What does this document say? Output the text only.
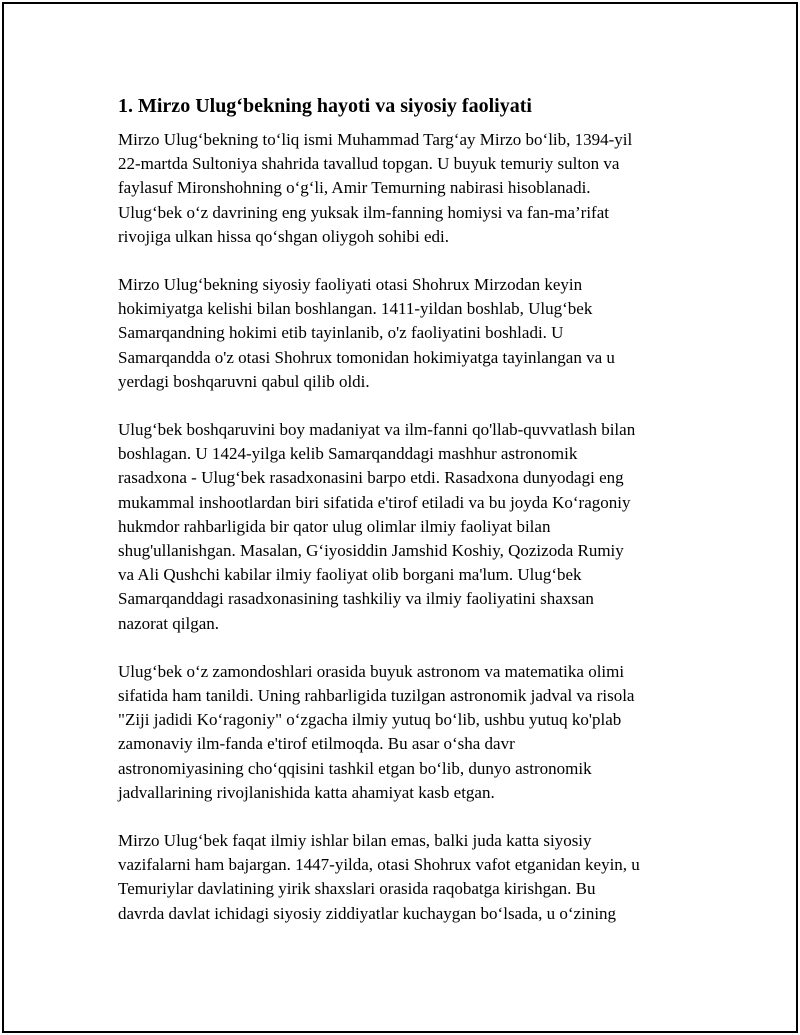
1. Mirzo Ulug‘bekning hayoti va siyosiy faoliyati
Mirzo Ulug‘bekning to‘liq ismi Muhammad Targ‘ay Mirzo bo‘lib, 1394-yil
22-martda Sultoniya shahrida tavallud topgan. U buyuk temuriy sulton va
faylasuf Mironshohning o‘g‘li, Amir Temurning nabirasi hisoblanadi.
Ulug‘bek o‘z davrining eng yuksak ilm-fanning homiysi va fan-ma’rifat
rivojiga ulkan hissa qo‘shgan oliygoh sohibi edi.
Mirzo Ulug‘bekning siyosiy faoliyati otasi Shohrux Mirzodan keyin
hokimiyatga kelishi bilan boshlangan. 1411-yildan boshlab, Ulug‘bek
Samarqandning hokimi etib tayinlanib, o'z faoliyatini boshladi. U
Samarqandda o'z otasi Shohrux tomonidan hokimiyatga tayinlangan va u
yerdagi boshqaruvni qabul qilib oldi.
Ulug‘bek boshqaruvini boy madaniyat va ilm-fanni qo'llab-quvvatlash bilan
boshlagan. U 1424-yilga kelib Samarqanddagi mashhur astronomik
rasadxona - Ulug‘bek rasadxonasini barpo etdi. Rasadxona dunyodagi eng
mukammal inshootlardan biri sifatida e'tirof etiladi va bu joyda Ko‘ragoniy
hukmdor rahbarligida bir qator ulug olimlar ilmiy faoliyat bilan
shug'ullanishgan. Masalan, G‘iyosiddin Jamshid Koshiy, Qozizoda Rumiy
va Ali Qushchi kabilar ilmiy faoliyat olib borgani ma'lum. Ulug‘bek
Samarqanddagi rasadxonasining tashkiliy va ilmiy faoliyatini shaxsan
nazorat qilgan.
Ulug‘bek o‘z zamondoshlari orasida buyuk astronom va matematika olimi
sifatida ham tanildi. Uning rahbarligida tuzilgan astronomik jadval va risola
"Ziji jadidi Ko‘ragoniy" o‘zgacha ilmiy yutuq bo‘lib, ushbu yutuq ko'plab
zamonaviy ilm-fanda e'tirof etilmoqda. Bu asar o‘sha davr
astronomiyasining cho‘qqisini tashkil etgan bo‘lib, dunyo astronomik
jadvallarining rivojlanishida katta ahamiyat kasb etgan.
Mirzo Ulug‘bek faqat ilmiy ishlar bilan emas, balki juda katta siyosiy
vazifalarni ham bajargan. 1447-yilda, otasi Shohrux vafot etganidan keyin, u
Temuriylar davlatining yirik shaxslari orasida raqobatga kirishgan. Bu
davrda davlat ichidagi siyosiy ziddiyatlar kuchaygan bo‘lsada, u o‘zining
